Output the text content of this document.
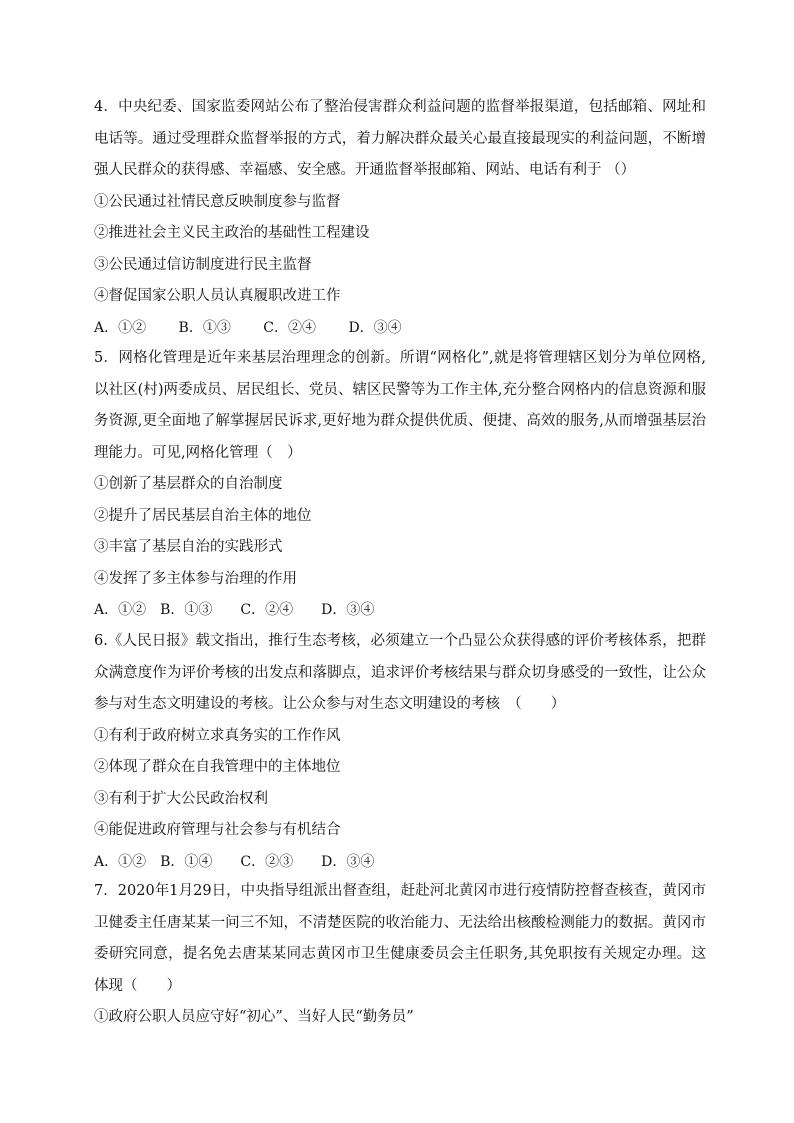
4．中央纪委、国家监委网站公布了整治侵害群众利益问题的监督举报渠道，包括邮箱、网址和电话等。通过受理群众监督举报的方式，着力解决群众最关心最直接最现实的利益问题，不断增强人民群众的获得感、幸福感、安全感。开通监督举报邮箱、网站、电话有利于 （）

①公民通过社情民意反映制度参与监督

②推进社会主义民主政治的基础性工程建设

③公民通过信访制度进行民主监督

④督促国家公职人员认真履职改进工作

A．①②　　 B．①③　　 C．②④　　 D．③④

5．网格化管理是近年来基层治理理念的创新。所谓“网格化”,就是将管理辖区划分为单位网格,以社区(村)两委成员、居民组长、党员、辖区民警等为工作主体,充分整合网格内的信息资源和服务资源,更全面地了解掌握居民诉求,更好地为群众提供优质、便捷、高效的服务,从而增强基层治理能力。可见,网格化管理（　）

①创新了基层群众的自治制度

②提升了居民基层自治主体的地位

③丰富了基层自治的实践形式

④发挥了多主体参与治理的作用

A．①②　B．①③　　C．②④　　D．③④

6.《人民日报》载文指出，推行生态考核，必须建立一个凸显公众获得感的评价考核体系，把群众满意度作为评价考核的出发点和落脚点，追求评价考核结果与群众切身感受的一致性，让公众参与对生态文明建设的考核。让公众参与对生态文明建设的考核　（　　）

①有利于政府树立求真务实的工作作风

②体现了群众在自我管理中的主体地位

③有利于扩大公民政治权利

④能促进政府管理与社会参与有机结合

A．①②　B．①④　　C．②③　　D．③④

7．2020年1月29日，中央指导组派出督查组，赶赴河北黄冈市进行疫情防控督查核查，黄冈市卫健委主任唐某某一问三不知，不清楚医院的收治能力、无法给出核酸检测能力的数据。黄冈市委研究同意，提名免去唐某某同志黄冈市卫生健康委员会主任职务,其免职按有关规定办理。这体现（　　）

①政府公职人员应守好“初心”、当好人民“勤务员”
